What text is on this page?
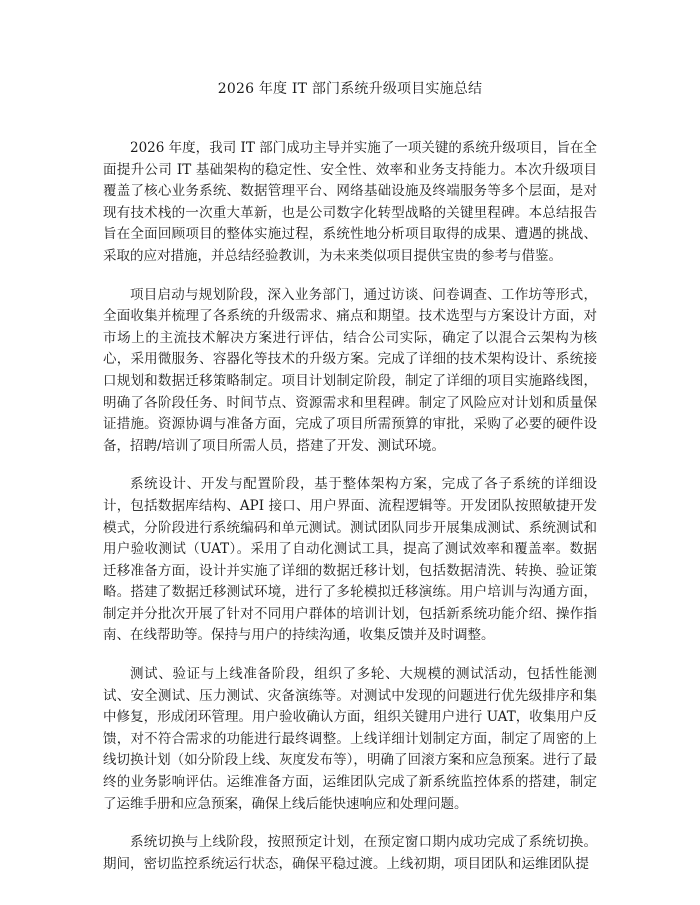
2026 年度 IT 部门系统升级项目实施总结

2026 年度，我司 IT 部门成功主导并实施了一项关键的系统升级项目，旨在全面提升公司 IT 基础架构的稳定性、安全性、效率和业务支持能力。本次升级项目覆盖了核心业务系统、数据管理平台、网络基础设施及终端服务等多个层面，是对现有技术栈的一次重大革新，也是公司数字化转型战略的关键里程碑。本总结报告旨在全面回顾项目的整体实施过程，系统性地分析项目取得的成果、遭遇的挑战、采取的应对措施，并总结经验教训，为未来类似项目提供宝贵的参考与借鉴。

项目启动与规划阶段，深入业务部门，通过访谈、问卷调查、工作坊等形式，全面收集并梳理了各系统的升级需求、痛点和期望。技术选型与方案设计方面，对市场上的主流技术解决方案进行评估，结合公司实际，确定了以混合云架构为核心，采用微服务、容器化等技术的升级方案。完成了详细的技术架构设计、系统接口规划和数据迁移策略制定。项目计划制定阶段，制定了详细的项目实施路线图，明确了各阶段任务、时间节点、资源需求和里程碑。制定了风险应对计划和质量保证措施。资源协调与准备方面，完成了项目所需预算的审批，采购了必要的硬件设备，招聘/培训了项目所需人员，搭建了开发、测试环境。

系统设计、开发与配置阶段，基于整体架构方案，完成了各子系统的详细设计，包括数据库结构、API 接口、用户界面、流程逻辑等。开发团队按照敏捷开发模式，分阶段进行系统编码和单元测试。测试团队同步开展集成测试、系统测试和用户验收测试（UAT）。采用了自动化测试工具，提高了测试效率和覆盖率。数据迁移准备方面，设计并实施了详细的数据迁移计划，包括数据清洗、转换、验证策略。搭建了数据迁移测试环境，进行了多轮模拟迁移演练。用户培训与沟通方面，制定并分批次开展了针对不同用户群体的培训计划，包括新系统功能介绍、操作指南、在线帮助等。保持与用户的持续沟通，收集反馈并及时调整。

测试、验证与上线准备阶段，组织了多轮、大规模的测试活动，包括性能测试、安全测试、压力测试、灾备演练等。对测试中发现的问题进行优先级排序和集中修复，形成闭环管理。用户验收确认方面，组织关键用户进行 UAT，收集用户反馈，对不符合需求的功能进行最终调整。上线详细计划制定方面，制定了周密的上线切换计划（如分阶段上线、灰度发布等），明确了回滚方案和应急预案。进行了最终的业务影响评估。运维准备方面，运维团队完成了新系统监控体系的搭建，制定了运维手册和应急预案，确保上线后能快速响应和处理问题。

系统切换与上线阶段，按照预定计划，在预定窗口期内成功完成了系统切换。期间，密切监控系统运行状态，确保平稳过渡。上线初期，项目团队和运维团队提
